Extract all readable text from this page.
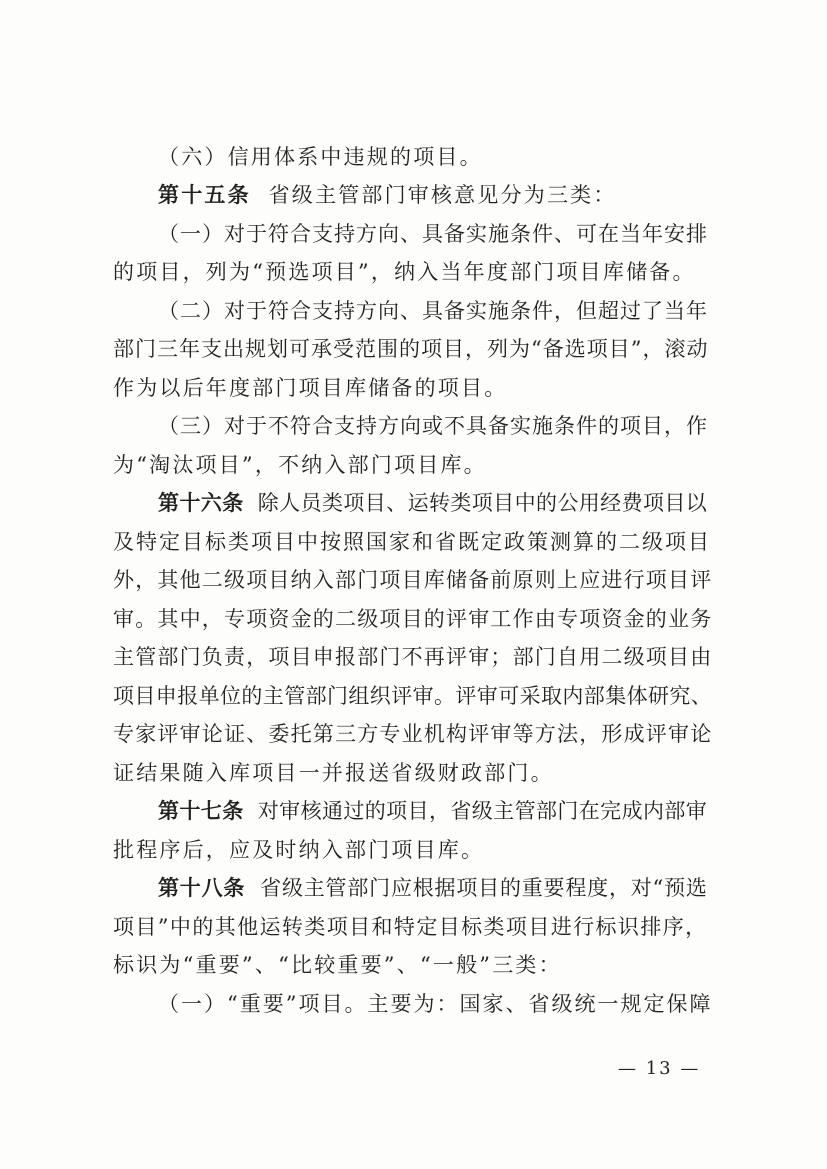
（六）信用体系中违规的项目。
第十五条 省级主管部门审核意见分为三类：
（一）对于符合支持方向、具备实施条件、可在当年安排
的项目，列为“预选项目”，纳入当年度部门项目库储备。
（二）对于符合支持方向、具备实施条件，但超过了当年
部门三年支出规划可承受范围的项目，列为“备选项目”，滚动
作为以后年度部门项目库储备的项目。
（三）对于不符合支持方向或不具备实施条件的项目，作
为“淘汰项目”，不纳入部门项目库。
第十六条 除人员类项目、运转类项目中的公用经费项目以
及特定目标类项目中按照国家和省既定政策测算的二级项目
外，其他二级项目纳入部门项目库储备前原则上应进行项目评
审。其中，专项资金的二级项目的评审工作由专项资金的业务
主管部门负责，项目申报部门不再评审；部门自用二级项目由
项目申报单位的主管部门组织评审。评审可采取内部集体研究、
专家评审论证、委托第三方专业机构评审等方法，形成评审论
证结果随入库项目一并报送省级财政部门。
第十七条 对审核通过的项目，省级主管部门在完成内部审
批程序后，应及时纳入部门项目库。
第十八条 省级主管部门应根据项目的重要程度，对“预选
项目”中的其他运转类项目和特定目标类项目进行标识排序，
标识为“重要”、“比较重要”、“一般”三类：
（一）“重要”项目。主要为：国家、省级统一规定保障
— 13 —
